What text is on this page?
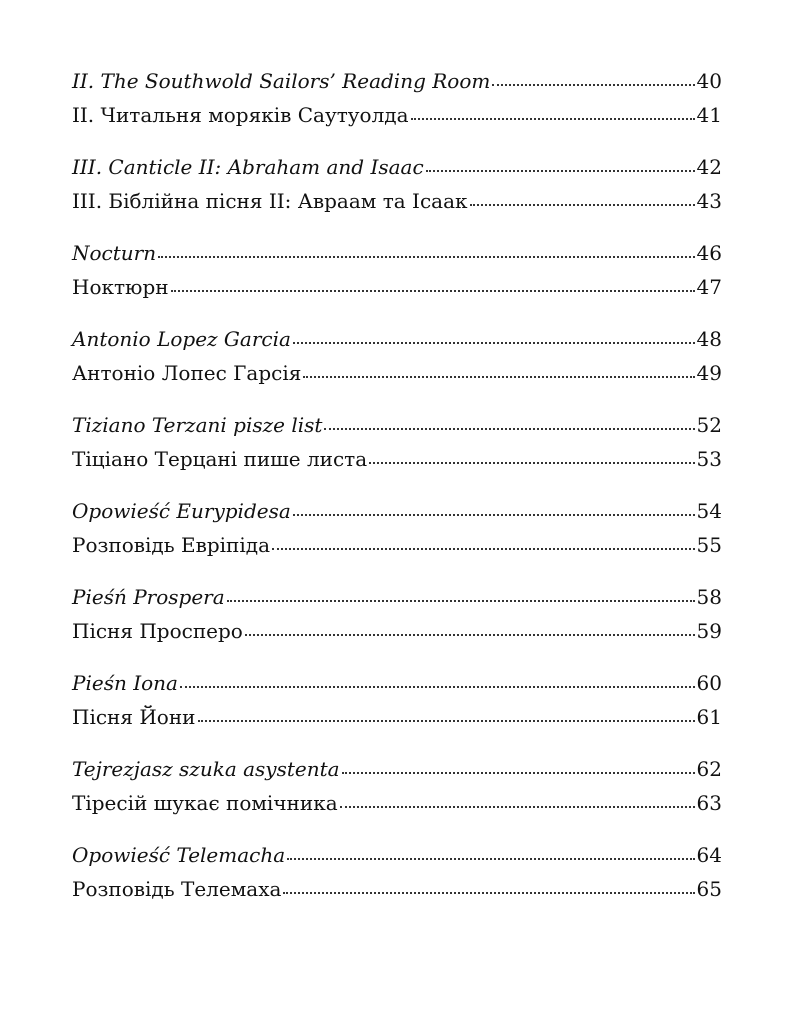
II. The Southwold Sailors’ Reading Room	40
II. Читальня моряків Саутуолда	41
III. Canticle II: Abraham and Isaac	42
III. Біблійна пісня II: Авраам та Ісаак	43
Nocturn	46
Ноктюрн	47
Antonio Lopez Garcia	48
Антоніо Лопес Гарсія	49
Tiziano Terzani pisze list	52
Тіціано Терцані пише листа	53
Opowieść Eurypidesa	54
Розповідь Евріпіда	55
Pieśń Prospera	58
Пісня Просперо	59
Pieśn Iona	60
Пісня Йони	61
Tejrezjasz szuka asystenta	62
Тіресій шукає помічника	63
Opowieść Telemacha	64
Розповідь Телемаха	65
